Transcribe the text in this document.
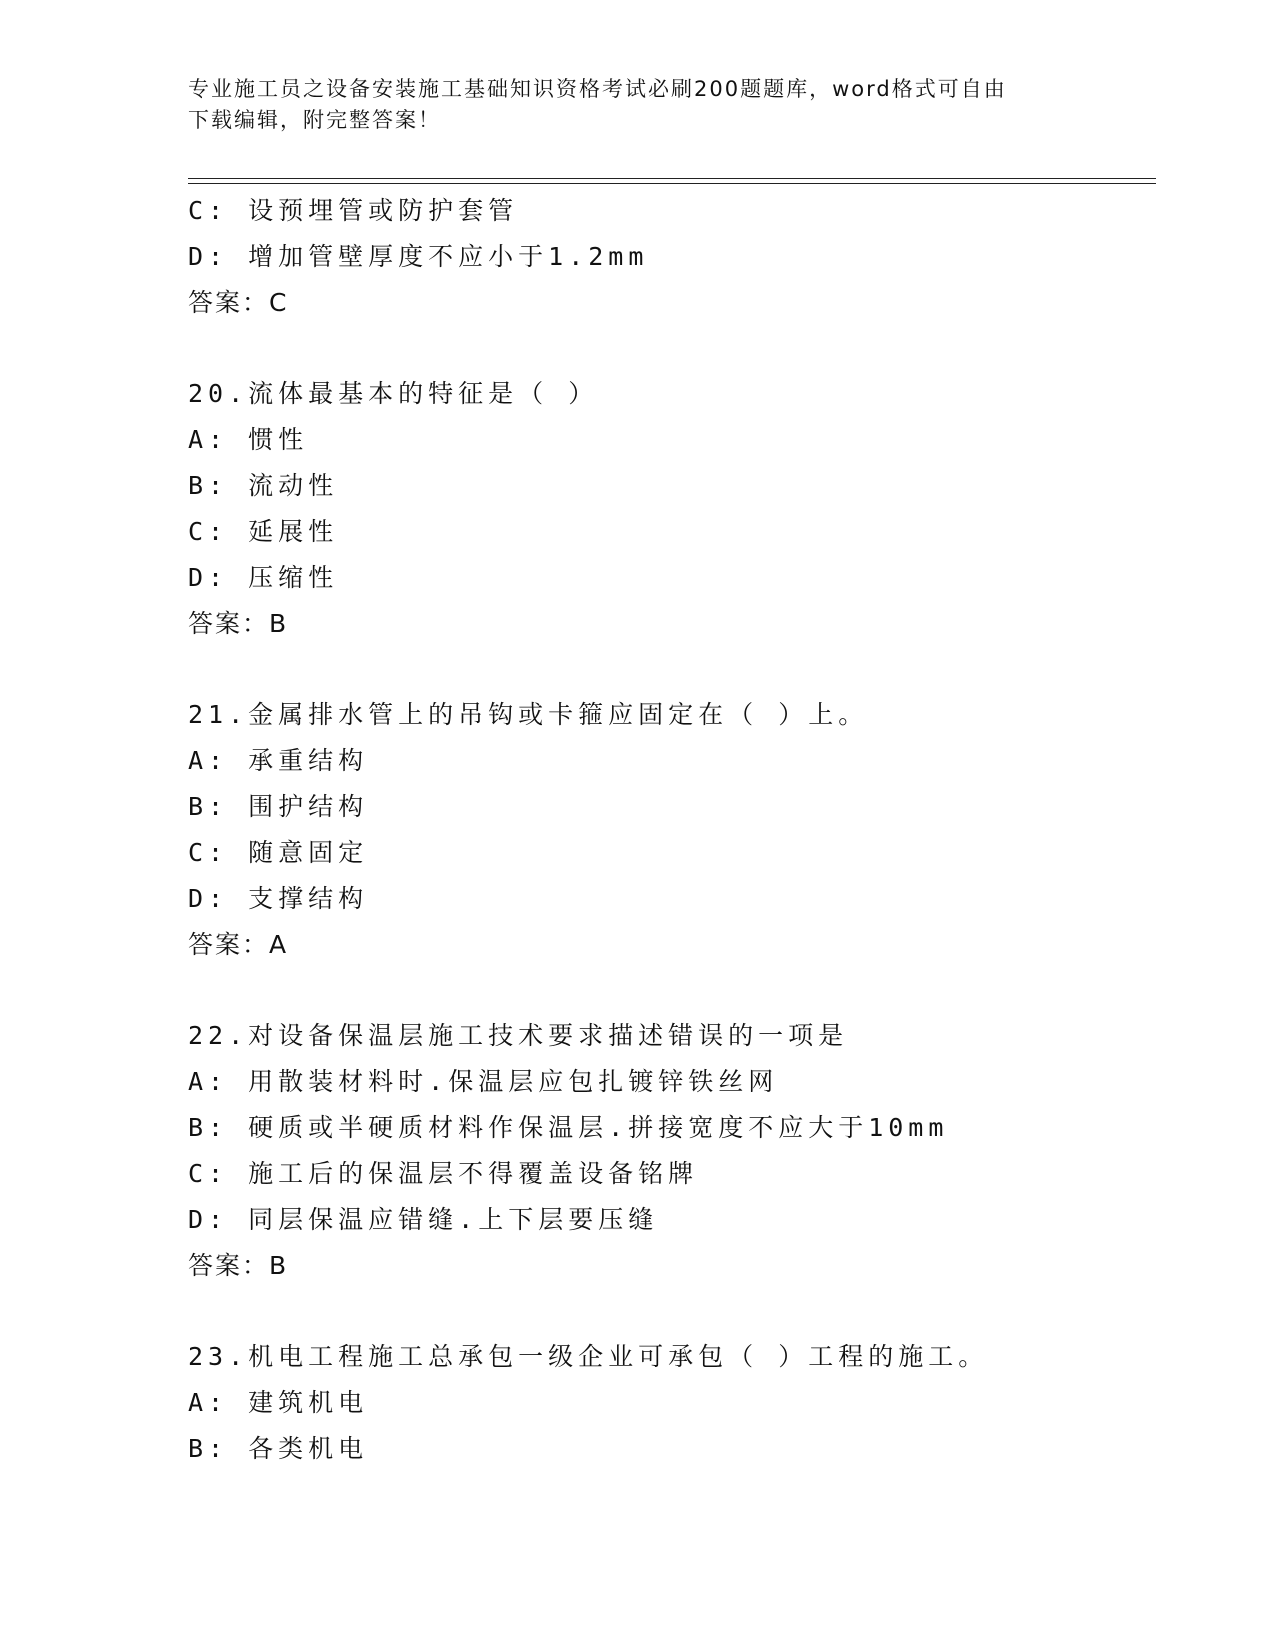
专业施工员之设备安装施工基础知识资格考试必刷200题题库，word格式可自由

下载编辑，附完整答案！

C: 设预埋管或防护套管
D: 增加管壁厚度不应小于1.2mm
答案：C
20.流体最基本的特征是（ ）
A: 惯性
B: 流动性
C: 延展性
D: 压缩性
答案：B
21.金属排水管上的吊钩或卡箍应固定在（ ）上。
A: 承重结构
B: 围护结构
C: 随意固定
D: 支撑结构
答案：A
22.对设备保温层施工技术要求描述错误的一项是
A: 用散装材料时.保温层应包扎镀锌铁丝网
B: 硬质或半硬质材料作保温层.拼接宽度不应大于10mm
C: 施工后的保温层不得覆盖设备铭牌
D: 同层保温应错缝.上下层要压缝
答案：B
23.机电工程施工总承包一级企业可承包（ ）工程的施工。
A: 建筑机电
B: 各类机电
